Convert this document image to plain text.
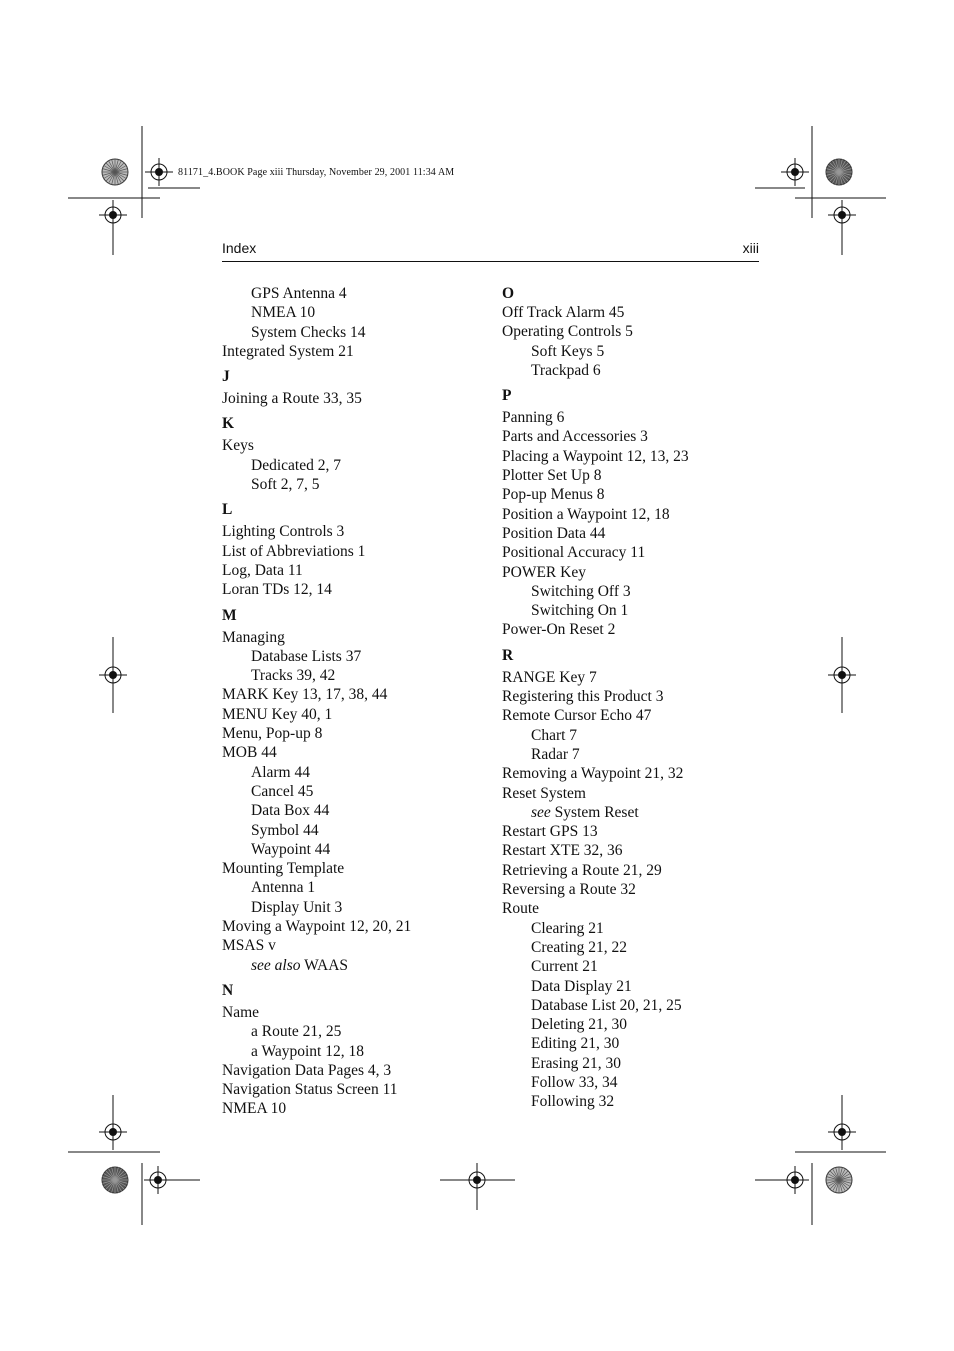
81171_4.BOOK Page xiii Thursday, November 29, 2001 11:34 AM
Index	xiii
GPS Antenna 4
NMEA 10
System Checks 14
Integrated System 21
J
Joining a Route 33, 35
K
Keys
Dedicated 2, 7
Soft 2, 7, 5
L
Lighting Controls 3
List of Abbreviations 1
Log, Data 11
Loran TDs 12, 14
M
Managing
Database Lists 37
Tracks 39, 42
MARK Key 13, 17, 38, 44
MENU Key 40, 1
Menu, Pop-up 8
MOB 44
Alarm 44
Cancel 45
Data Box 44
Symbol 44
Waypoint 44
Mounting Template
Antenna 1
Display Unit 3
Moving a Waypoint 12, 20, 21
MSAS v
see also WAAS
N
Name
a Route 21, 25
a Waypoint 12, 18
Navigation Data Pages 4, 3
Navigation Status Screen 11
NMEA 10
O
Off Track Alarm 45
Operating Controls 5
Soft Keys 5
Trackpad 6
P
Panning 6
Parts and Accessories 3
Placing a Waypoint 12, 13, 23
Plotter Set Up 8
Pop-up Menus 8
Position a Waypoint 12, 18
Position Data 44
Positional Accuracy 11
POWER Key
Switching Off 3
Switching On 1
Power-On Reset 2
R
RANGE Key 7
Registering this Product 3
Remote Cursor Echo 47
Chart 7
Radar 7
Removing a Waypoint 21, 32
Reset System
see System Reset
Restart GPS 13
Restart XTE 32, 36
Retrieving a Route 21, 29
Reversing a Route 32
Route
Clearing 21
Creating 21, 22
Current 21
Data Display 21
Database List 20, 21, 25
Deleting 21, 30
Editing 21, 30
Erasing 21, 30
Follow 33, 34
Following 32
